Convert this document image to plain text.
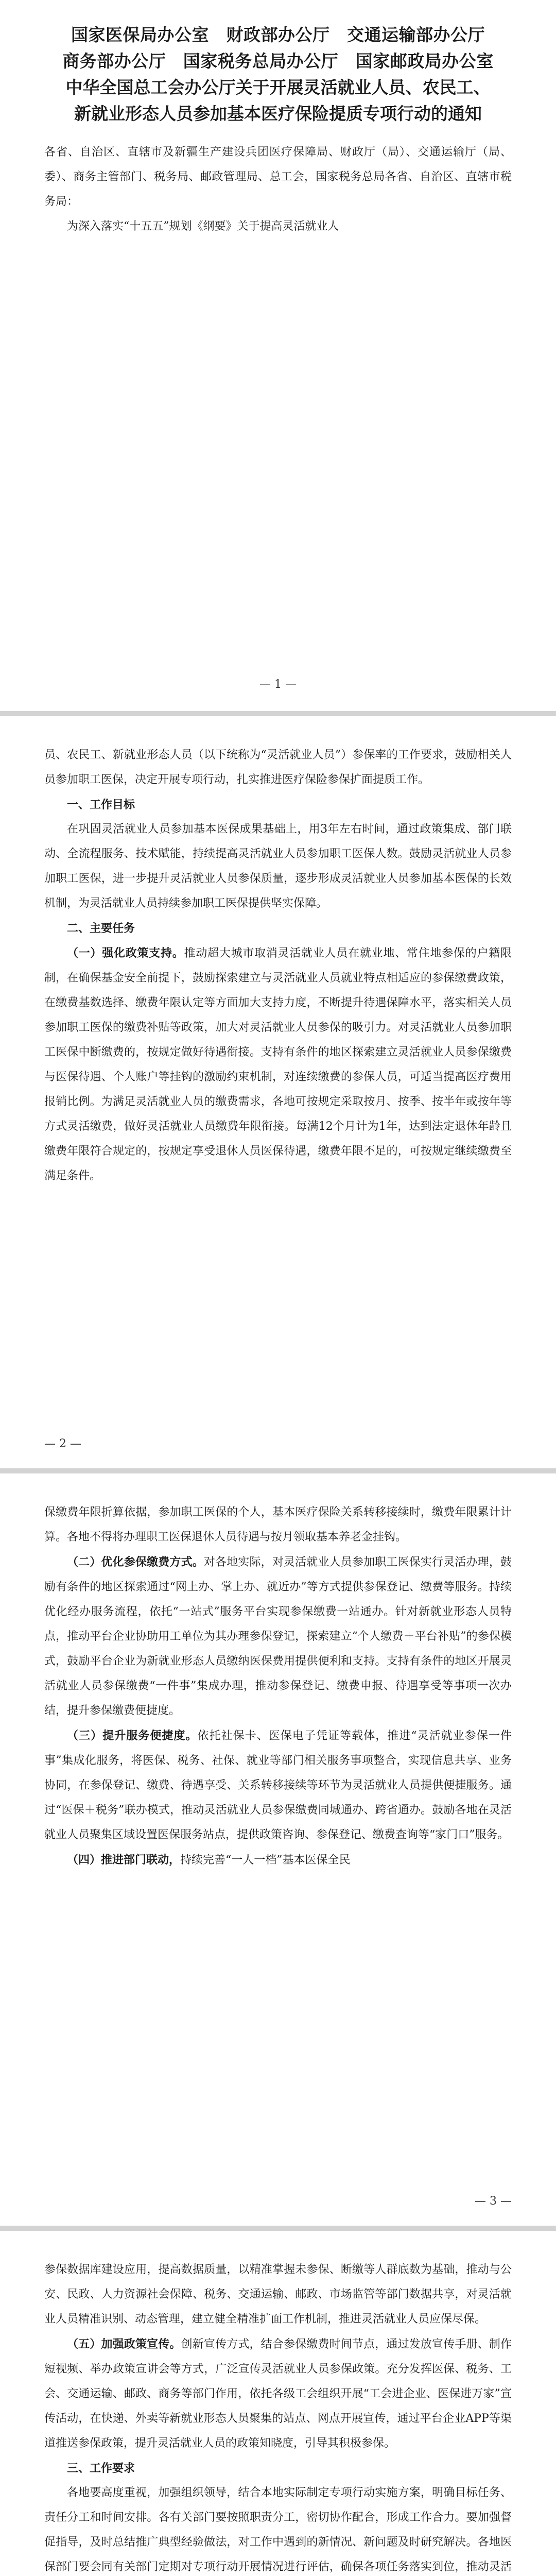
国家医保局办公室　财政部办公厅　交通运输部办公厅
商务部办公厅　国家税务总局办公厅　国家邮政局办公室
中华全国总工会办公厅关于开展灵活就业人员、农民工、
新就业形态人员参加基本医疗保险提质专项行动的通知
各省、自治区、直辖市及新疆生产建设兵团医疗保障局、财政厅（局）、交通运输厅（局、委）、商务主管部门、税务局、邮政管理局、总工会，国家税务总局各省、自治区、直辖市税务局：

为深入落实“十五五”规划《纲要》关于提高灵活就业人

— 1 —

员、农民工、新就业形态人员（以下统称为“灵活就业人员”）参保率的工作要求，鼓励相关人员参加职工医保，决定开展专项行动，扎实推进医疗保险参保扩面提质工作。

一、工作目标

在巩固灵活就业人员参加基本医保成果基础上，用3年左右时间，通过政策集成、部门联动、全流程服务、技术赋能，持续提高灵活就业人员参加职工医保人数。鼓励灵活就业人员参加职工医保，进一步提升灵活就业人员参保质量，逐步形成灵活就业人员参加基本医保的长效机制，为灵活就业人员持续参加职工医保提供坚实保障。

二、主要任务

（一）强化政策支持。推动超大城市取消灵活就业人员在就业地、常住地参保的户籍限制，在确保基金安全前提下，鼓励探索建立与灵活就业人员就业特点相适应的参保缴费政策，在缴费基数选择、缴费年限认定等方面加大支持力度，不断提升待遇保障水平，落实相关人员参加职工医保的缴费补贴等政策，加大对灵活就业人员参保的吸引力。对灵活就业人员参加职工医保中断缴费的，按规定做好待遇衔接。支持有条件的地区探索建立灵活就业人员参保缴费与医保待遇、个人账户等挂钩的激励约束机制，对连续缴费的参保人员，可适当提高医疗费用报销比例。为满足灵活就业人员的缴费需求，各地可按规定采取按月、按季、按半年或按年等方式灵活缴费，做好灵活就业人员缴费年限衔接。每满12个月计为1年，达到法定退休年龄且缴费年限符合规定的，按规定享受退休人员医保待遇，缴费年限不足的，可按规定继续缴费至满足条件。

— 2 —

保缴费年限折算依据，参加职工医保的个人，基本医疗保险关系转移接续时，缴费年限累计计算。各地不得将办理职工医保退休人员待遇与按月领取基本养老金挂钩。

（二）优化参保缴费方式。对各地实际，对灵活就业人员参加职工医保实行灵活办理，鼓励有条件的地区探索通过“网上办、掌上办、就近办”等方式提供参保登记、缴费等服务。持续优化经办服务流程，依托“一站式”服务平台实现参保缴费一站通办。针对新就业形态人员特点，推动平台企业协助用工单位为其办理参保登记，探索建立“个人缴费＋平台补贴”的参保模式，鼓励平台企业为新就业形态人员缴纳医保费用提供便利和支持。支持有条件的地区开展灵活就业人员参保缴费“一件事”集成办理，推动参保登记、缴费申报、待遇享受等事项一次办结，提升参保缴费便捷度。

（三）提升服务便捷度。依托社保卡、医保电子凭证等载体，推进“灵活就业参保一件事”集成化服务，将医保、税务、社保、就业等部门相关服务事项整合，实现信息共享、业务协同，在参保登记、缴费、待遇享受、关系转移接续等环节为灵活就业人员提供便捷服务。通过“医保＋税务”联办模式，推动灵活就业人员参保缴费同城通办、跨省通办。鼓励各地在灵活就业人员聚集区域设置医保服务站点，提供政策咨询、参保登记、缴费查询等“家门口”服务。

（四）推进部门联动，持续完善“一人一档”基本医保全民

— 3 —

参保数据库建设应用，提高数据质量，以精准掌握未参保、断缴等人群底数为基础，推动与公安、民政、人力资源社会保障、税务、交通运输、邮政、市场监管等部门数据共享，对灵活就业人员精准识别、动态管理，建立健全精准扩面工作机制，推进灵活就业人员应保尽保。

（五）加强政策宣传。创新宣传方式，结合参保缴费时间节点，通过发放宣传手册、制作短视频、举办政策宣讲会等方式，广泛宣传灵活就业人员参保政策。充分发挥医保、税务、工会、交通运输、邮政、商务等部门作用，依托各级工会组织开展“工会进企业、医保进万家”宣传活动，在快递、外卖等新就业形态人员聚集的站点、网点开展宣传，通过平台企业APP等渠道推送参保政策，提升灵活就业人员的政策知晓度，引导其积极参保。

三、工作要求

各地要高度重视，加强组织领导，结合本地实际制定专项行动实施方案，明确目标任务、责任分工和时间安排。各有关部门要按照职责分工，密切协作配合，形成工作合力。要加强督促指导，及时总结推广典型经验做法，对工作中遇到的新情况、新问题及时研究解决。各地医保部门要会同有关部门定期对专项行动开展情况进行评估，确保各项任务落实到位，推动灵活
